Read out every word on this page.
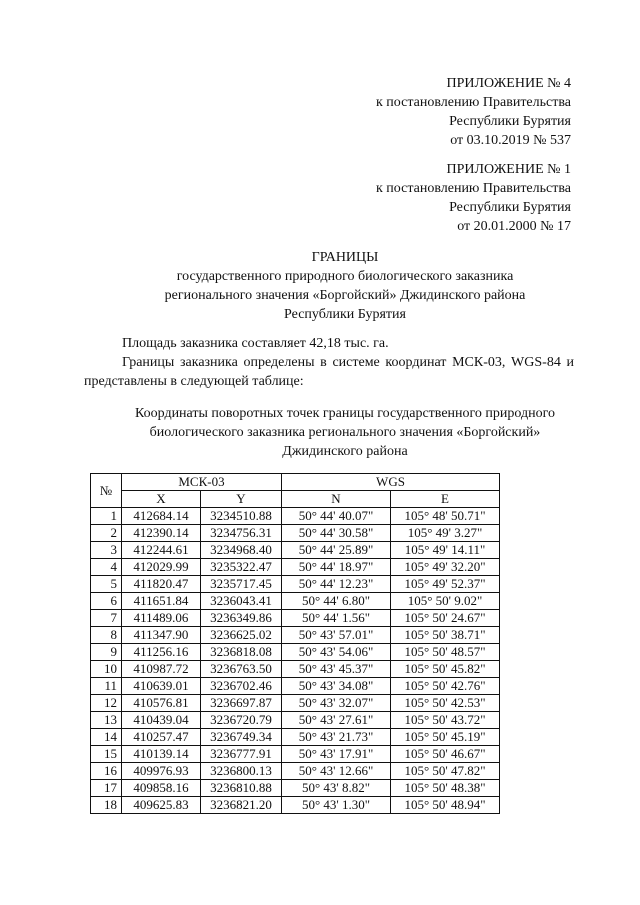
ПРИЛОЖЕНИЕ № 4
к постановлению Правительства
Республики Бурятия
от 03.10.2019 № 537
ПРИЛОЖЕНИЕ № 1
к постановлению Правительства
Республики Бурятия
от 20.01.2000 № 17
ГРАНИЦЫ
государственного природного биологического заказника
регионального значения «Боргойский» Джидинского района
Республики Бурятия
Площадь заказника составляет 42,18 тыс. га.
Границы заказника определены в системе координат МСК-03, WGS-84 и представлены в следующей таблице:
Координаты поворотных точек границы государственного природного
биологического заказника регионального значения «Боргойский»
Джидинского района
№	МСК-03		WGS	
	X	Y	N	E
1	412684.14	3234510.88	50° 44' 40.07"	105° 48' 50.71"
2	412390.14	3234756.31	50° 44' 30.58"	105° 49' 3.27"
3	412244.61	3234968.40	50° 44' 25.89"	105° 49' 14.11"
4	412029.99	3235322.47	50° 44' 18.97"	105° 49' 32.20"
5	411820.47	3235717.45	50° 44' 12.23"	105° 49' 52.37"
6	411651.84	3236043.41	50° 44' 6.80"	105° 50' 9.02"
7	411489.06	3236349.86	50° 44' 1.56"	105° 50' 24.67"
8	411347.90	3236625.02	50° 43' 57.01"	105° 50' 38.71"
9	411256.16	3236818.08	50° 43' 54.06"	105° 50' 48.57"
10	410987.72	3236763.50	50° 43' 45.37"	105° 50' 45.82"
11	410639.01	3236702.46	50° 43' 34.08"	105° 50' 42.76"
12	410576.81	3236697.87	50° 43' 32.07"	105° 50' 42.53"
13	410439.04	3236720.79	50° 43' 27.61"	105° 50' 43.72"
14	410257.47	3236749.34	50° 43' 21.73"	105° 50' 45.19"
15	410139.14	3236777.91	50° 43' 17.91"	105° 50' 46.67"
16	409976.93	3236800.13	50° 43' 12.66"	105° 50' 47.82"
17	409858.16	3236810.88	50° 43' 8.82"	105° 50' 48.38"
18	409625.83	3236821.20	50° 43' 1.30"	105° 50' 48.94"
